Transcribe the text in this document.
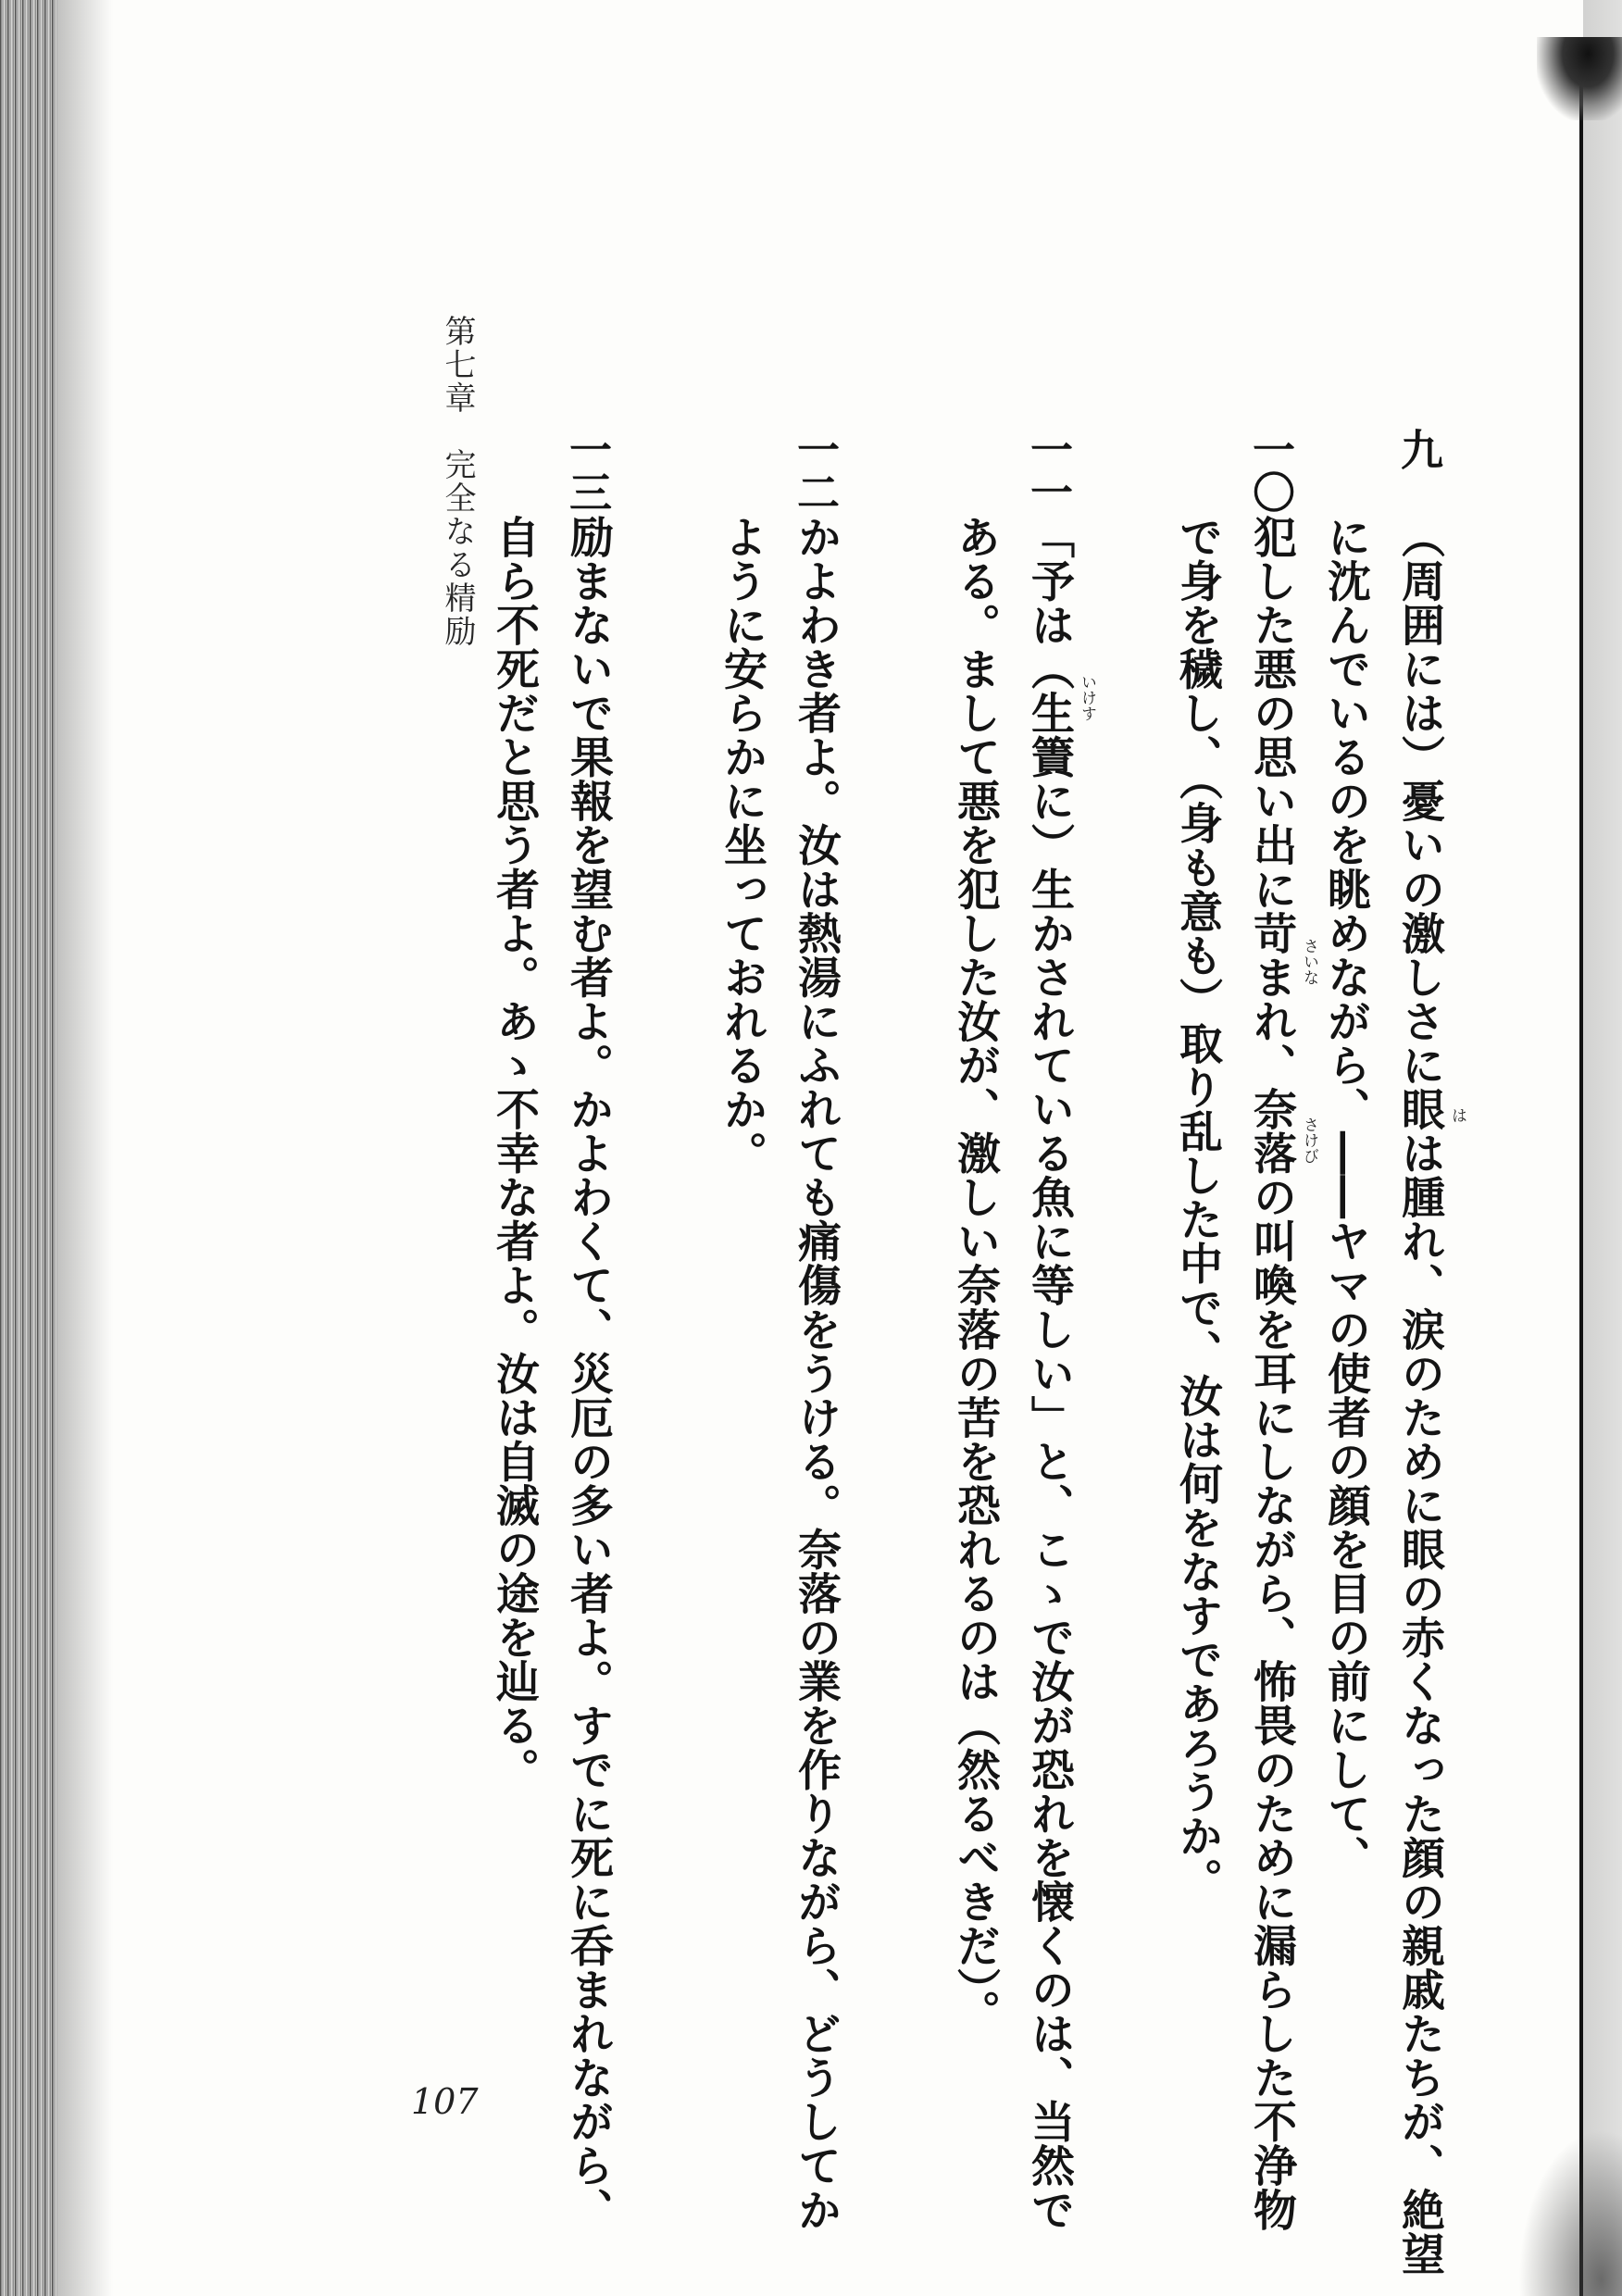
第七章　完全なる精励	九

（周囲には）憂いの激しさに眼は腫れ、涙のために眼の赤くなった顔の親戚たちが、絶望

に沈んでいるのを眺めながら、――ヤマの使者の顔を目の前にして、

一〇

犯した悪の思い出に苛まれ、奈落の叫喚を耳にしながら、怖畏のために漏らした不浄物

で身を穢し、（身も意も）取り乱した中で、汝は何をなすであろうか。

一一

「予は（生簀に）生かされている魚に等しい」と、こゝで汝が恐れを懐くのは、当然で

ある。まして悪を犯した汝が、激しい奈落の苦を恐れるのは（然るべきだ）。

一二

かよわき者よ。汝は熱湯にふれても痛傷をうける。奈落の業を作りながら、どうしてか

ように安らかに坐っておれるか。

一三

励まないで果報を望む者よ。かよわくて、災厄の多い者よ。すでに死に呑まれながら、

自ら不死だと思う者よ。あゝ不幸な者よ。汝は自滅の途を辿る。	は
さいな
さけび
いけす
107
